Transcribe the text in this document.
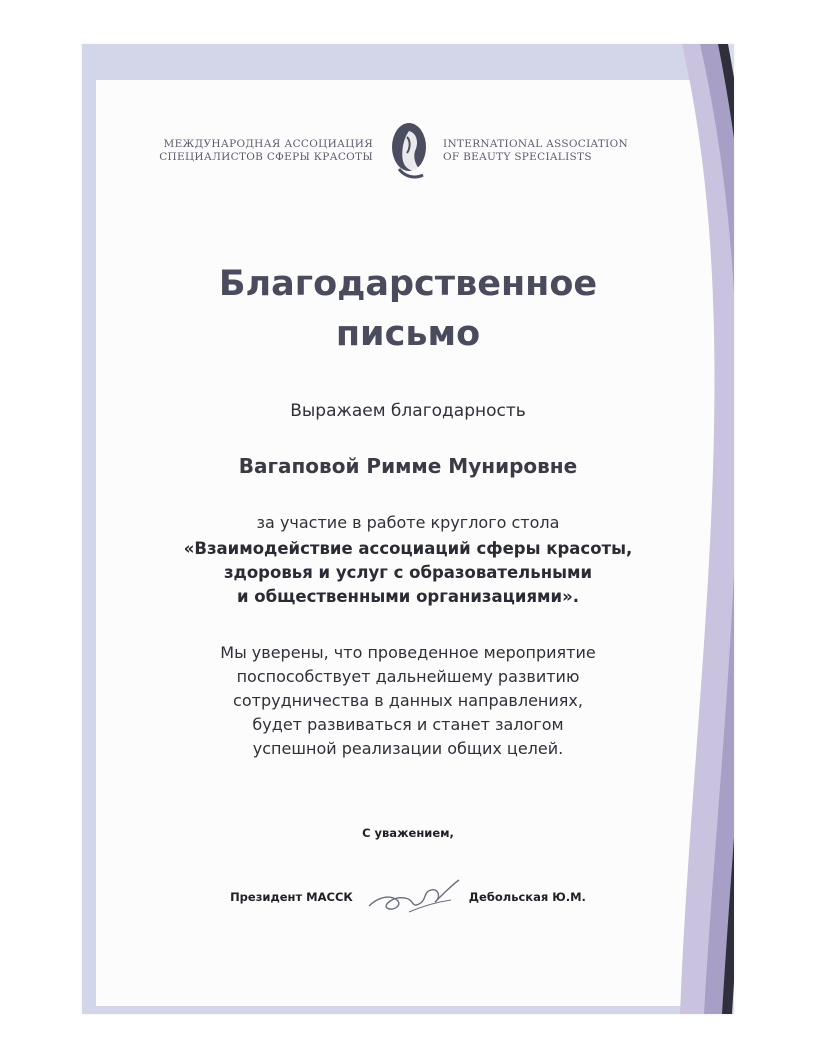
МЕЖДУНАРОДНАЯ АССОЦИАЦИЯ
СПЕЦИАЛИСТОВ СФЕРЫ КРАСОТЫ
INTERNATIONAL ASSOCIATION
OF BEAUTY SPECIALISTS
Благодарственное
письмо
Выражаем благодарность
Вагаповой Римме Мунировне
за участие в работе круглого стола
«Взаимодействие ассоциаций сферы красоты,
здоровья и услуг с образовательными
и общественными организациями».
Мы уверены, что проведенное мероприятие
поспособствует дальнейшему развитию
сотрудничества в данных направлениях,
будет развиваться и станет залогом
успешной реализации общих целей.
С уважением,
Президент МАССК	Дебольская Ю.М.
